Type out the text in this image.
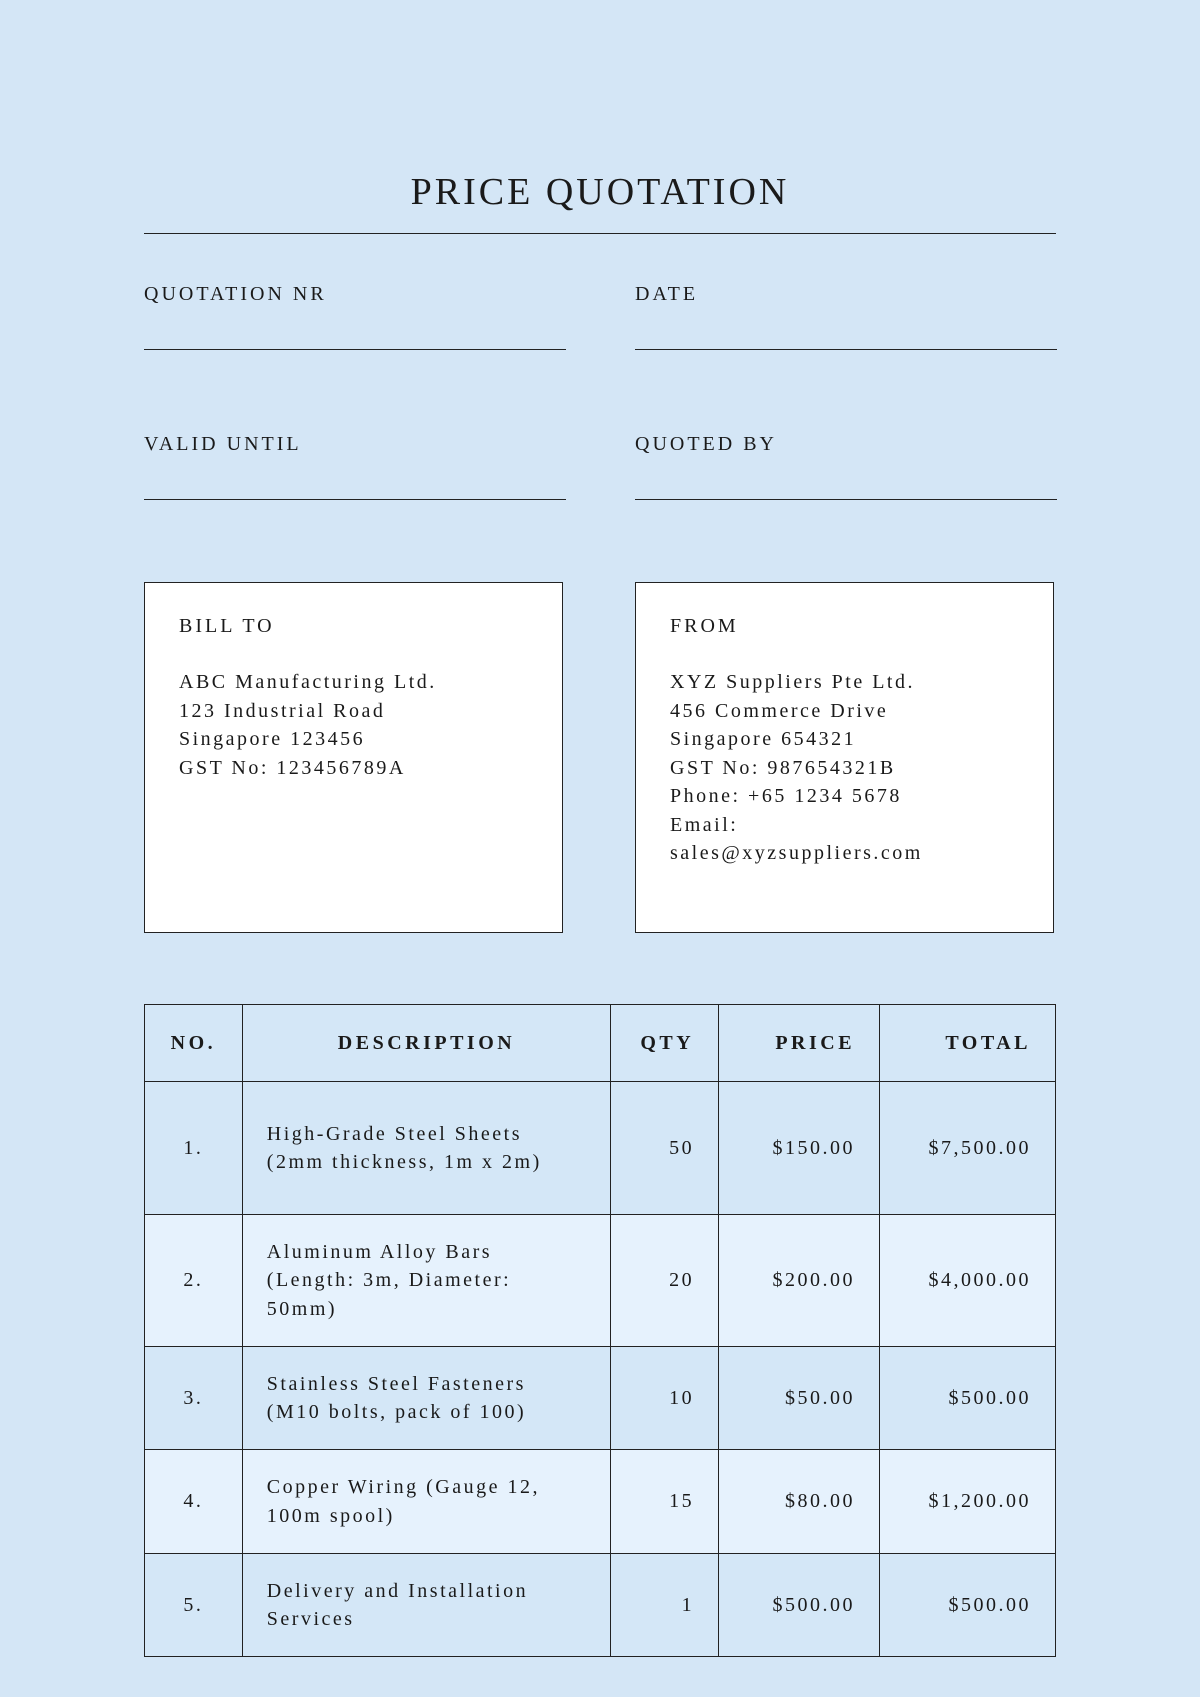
PRICE QUOTATION
QUOTATION NR	DATE
VALID UNTIL	QUOTED BY
BILL TO
ABC Manufacturing Ltd.
123 Industrial Road
Singapore 123456
GST No: 123456789A
FROM
XYZ Suppliers Pte Ltd.
456 Commerce Drive
Singapore 654321
GST No: 987654321B
Phone: +65 1234 5678
Email:
sales@xyzsuppliers.com
NO.	DESCRIPTION	QTY	PRICE	TOTAL
1.	High-Grade Steel Sheets (2mm thickness, 1m x 2m)	50	$150.00	$7,500.00
2.	Aluminum Alloy Bars (Length: 3m, Diameter: 50mm)	20	$200.00	$4,000.00
3.	Stainless Steel Fasteners (M10 bolts, pack of 100)	10	$50.00	$500.00
4.	Copper Wiring (Gauge 12, 100m spool)	15	$80.00	$1,200.00
5.	Delivery and Installation Services	1	$500.00	$500.00
